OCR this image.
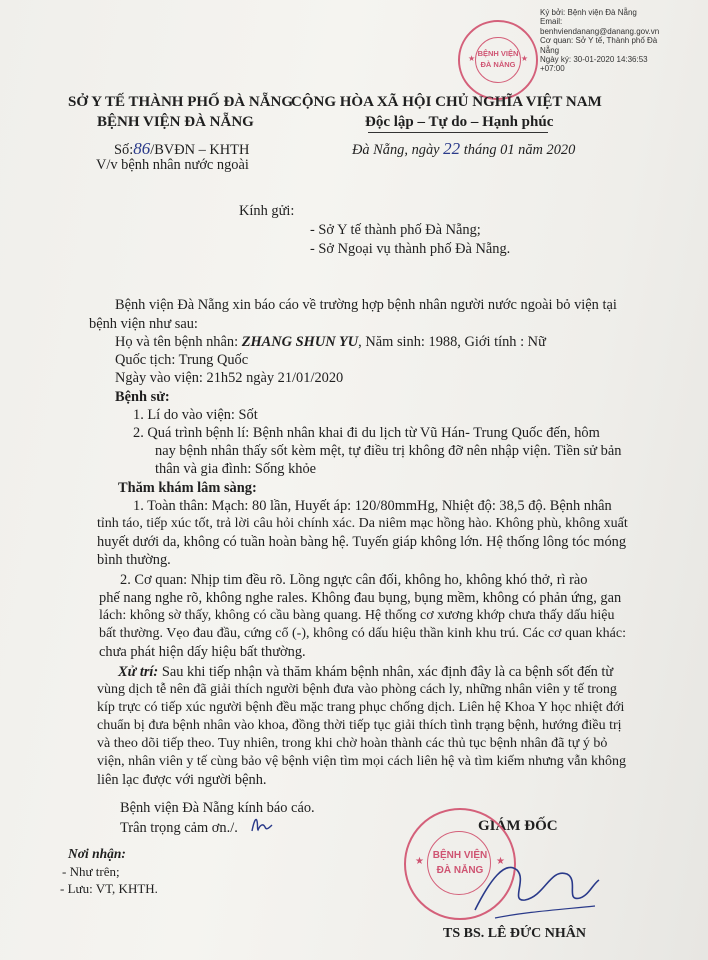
Ký bởi: Bệnh viện Đà Nẵng
Email:
benhviendanang@danang.gov.vn
Cơ quan: Sở Y tế, Thành phố Đà
Nẵng
Ngày ký: 30-01-2020 14:36:53
+07:00
★	★
BỆNH VIỆN
ĐÀ NẴNG
SỞ Y TẾ THÀNH PHỐ ĐÀ NẴNG
BỆNH VIỆN ĐÀ NẴNG
Số:86/BVĐN – KHTH
V/v bệnh nhân nước ngoài
CỘNG HÒA XÃ HỘI CHỦ NGHĨA VIỆT NAM
Độc lập – Tự do – Hạnh phúc
Đà Nẵng, ngày 22 tháng 01 năm 2020
Kính gửi:
- Sở Y tế thành phố Đà Nẵng;
- Sở Ngoại vụ thành phố Đà Nẵng.
Bệnh viện Đà Nẵng xin báo cáo về trường hợp bệnh nhân người nước ngoài bỏ viện tại
bệnh viện như sau:
Họ và tên bệnh nhân: ZHANG SHUN YU, Năm sinh: 1988, Giới tính : Nữ
Quốc tịch: Trung Quốc
Ngày vào viện: 21h52 ngày 21/01/2020
Bệnh sử:
1. Lí do vào viện: Sốt
2. Quá trình bệnh lí: Bệnh nhân khai đi du lịch từ Vũ Hán- Trung Quốc đến, hôm
nay bệnh nhân thấy sốt kèm mệt, tự điều trị không đỡ nên nhập viện. Tiền sử bản
thân và gia đình: Sống khỏe
Thăm khám lâm sàng:
1. Toàn thân: Mạch: 80 lần, Huyết áp: 120/80mmHg, Nhiệt độ: 38,5 độ. Bệnh nhân
tỉnh táo, tiếp xúc tốt, trả lời câu hỏi chính xác. Da niêm mạc hồng hào. Không phù, không xuất
huyết dưới da, không có tuần hoàn bàng hệ. Tuyến giáp không lớn. Hệ thống lông tóc móng
bình thường.
2. Cơ quan: Nhịp tim đều rõ. Lồng ngực cân đối, không ho, không khó thở, rì rào
phế nang nghe rõ, không nghe rales. Không đau bụng, bụng mềm, không có phản ứng, gan
lách: không sờ thấy, không có cầu bàng quang. Hệ thống cơ xương khớp chưa thấy dấu hiệu
bất thường. Vẹo đau đầu, cứng cổ (-), không có dấu hiệu thần kinh khu trú. Các cơ quan khác:
chưa phát hiện dấy hiệu bất thường.
Xử trí: Sau khi tiếp nhận và thăm khám bệnh nhân, xác định đây là ca bệnh sốt đến từ
vùng dịch tễ nên đã giải thích người bệnh đưa vào phòng cách ly, những nhân viên y tế trong
kíp trực có tiếp xúc người bệnh đều mặc trang phục chống dịch. Liên hệ Khoa Y học nhiệt đới
chuẩn bị đưa bệnh nhân vào khoa, đồng thời tiếp tục giải thích tình trạng bệnh, hướng điều trị
và theo dõi tiếp theo. Tuy nhiên, trong khi chờ hoàn thành các thủ tục bệnh nhân đã tự ý bỏ
viện, nhân viên y tế cùng bảo vệ bệnh viện tìm mọi cách liên hệ và tìm kiếm nhưng vẫn không
liên lạc được với người bệnh.
Bệnh viện Đà Nẵng kính báo cáo.
Trân trọng cảm ơn./.
Nơi nhận:
- Như trên;
- Lưu: VT, KHTH.
GIÁM ĐỐC
★	★
BỆNH VIỆN
ĐÀ NẴNG
TS BS. LÊ ĐỨC NHÂN
